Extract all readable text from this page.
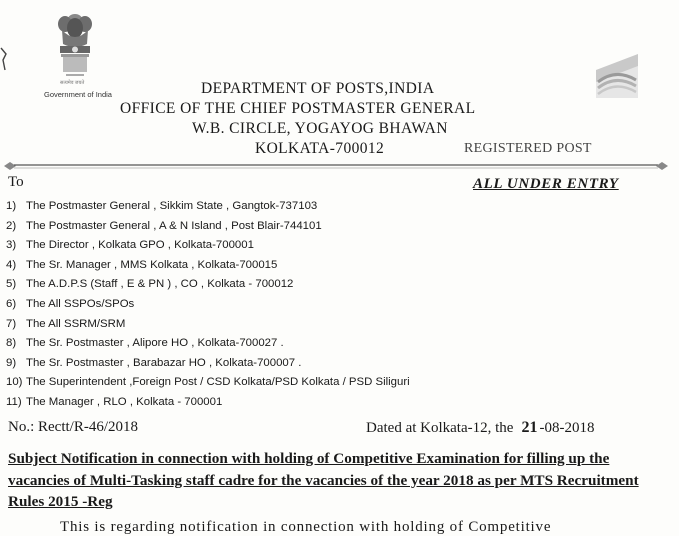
सत्यमेव जयते
Government of India	DEPARTMENT OF POSTS,INDIA
OFFICE OF THE CHIEF POSTMASTER GENERAL
W.B. CIRCLE, YOGAYOG BHAWAN
KOLKATA-700012	REGISTERED POST
To	ALL UNDER ENTRY
1) The Postmaster General , Sikkim State , Gangtok-737103
2) The Postmaster General , A & N Island , Post Blair-744101
3) The Director , Kolkata GPO , Kolkata-700001
4) The Sr. Manager , MMS Kolkata , Kolkata-700015
5) The A.D.P.S (Staff , E & PN ) , CO , Kolkata - 700012
6) The All SSPOs/SPOs
7) The All SSRM/SRM
8) The Sr. Postmaster , Alipore HO , Kolkata-700027 .
9) The Sr. Postmaster , Barabazar HO , Kolkata-700007 .
10) The Superintendent ,Foreign Post / CSD Kolkata/PSD Kolkata / PSD Siliguri
11) The Manager , RLO , Kolkata - 700001
No.: Rectt/R-46/2018	Dated at Kolkata-12, the 21 -08-2018
Subject Notification in connection with holding of Competitive Examination for filling up the vacancies of Multi-Tasking staff cadre for the vacancies of the year 2018 as per MTS Recruitment Rules 2015 -Reg
This is regarding notification in connection with holding of Competitive
